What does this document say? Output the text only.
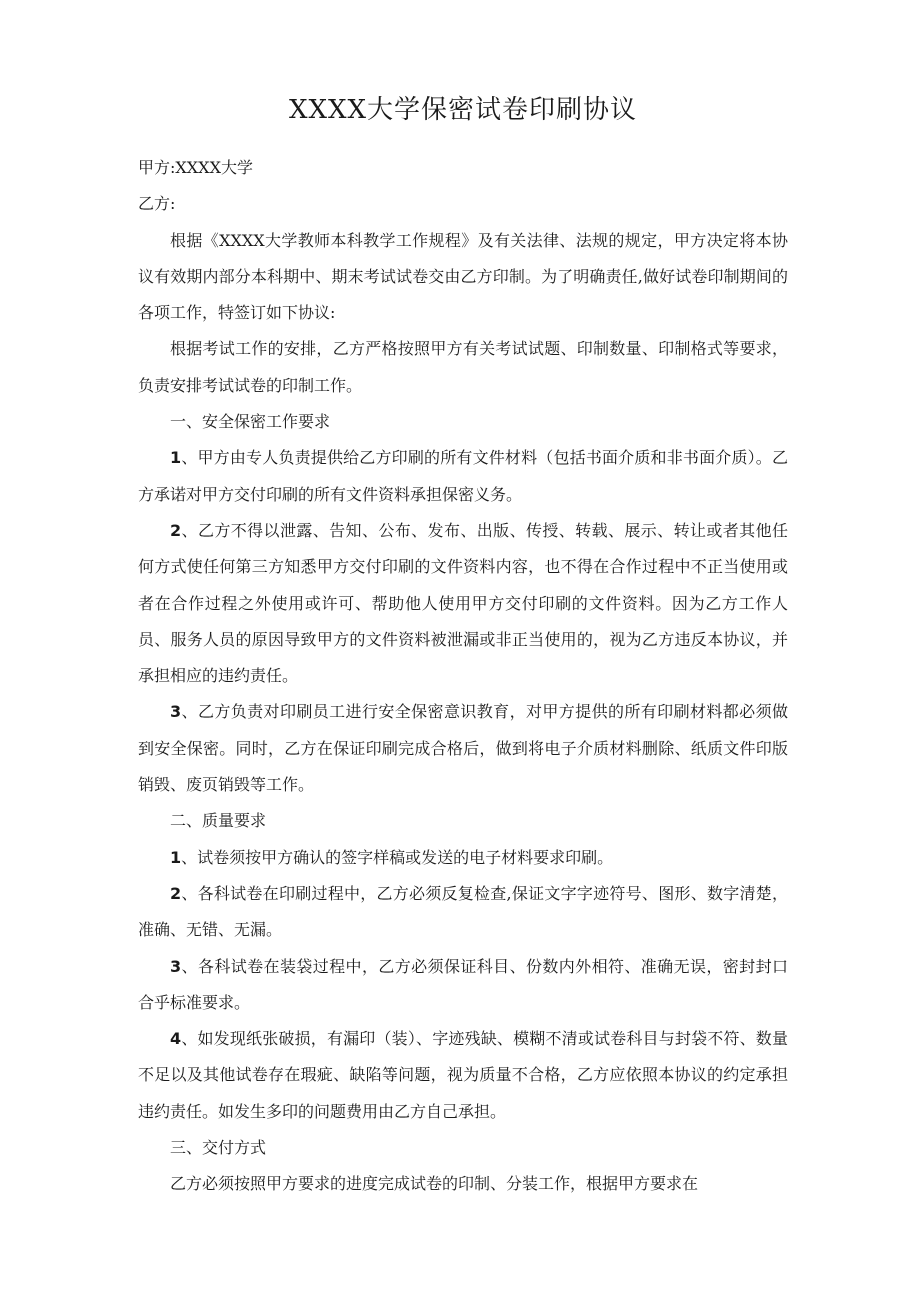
XXXX大学保密试卷印刷协议

甲方:XXXX大学

乙方:

根据《XXXX大学教师本科教学工作规程》及有关法律、法规的规定，甲方决定将本协议有效期内部分本科期中、期末考试试卷交由乙方印制。为了明确责任,做好试卷印制期间的各项工作，特签订如下协议:

根据考试工作的安排，乙方严格按照甲方有关考试试题、印制数量、印制格式等要求，负责安排考试试卷的印制工作。

一、安全保密工作要求

1、甲方由专人负责提供给乙方印刷的所有文件材料（包括书面介质和非书面介质）。乙方承诺对甲方交付印刷的所有文件资料承担保密义务。

2、乙方不得以泄露、告知、公布、发布、出版、传授、转载、展示、转让或者其他任何方式使任何第三方知悉甲方交付印刷的文件资料内容，也不得在合作过程中不正当使用或者在合作过程之外使用或许可、帮助他人使用甲方交付印刷的文件资料。因为乙方工作人员、服务人员的原因导致甲方的文件资料被泄漏或非正当使用的，视为乙方违反本协议，并承担相应的违约责任。

3、乙方负责对印刷员工进行安全保密意识教育，对甲方提供的所有印刷材料都必须做到安全保密。同时，乙方在保证印刷完成合格后，做到将电子介质材料删除、纸质文件印版销毁、废页销毁等工作。

二、质量要求

1、试卷须按甲方确认的签字样稿或发送的电子材料要求印刷。

2、各科试卷在印刷过程中，乙方必须反复检查,保证文字字迹符号、图形、数字清楚，准确、无错、无漏。

3、各科试卷在装袋过程中，乙方必须保证科目、份数内外相符、准确无误，密封封口合乎标准要求。

4、如发现纸张破损，有漏印（装）、字迹残缺、模糊不清或试卷科目与封袋不符、数量不足以及其他试卷存在瑕疵、缺陷等问题，视为质量不合格，乙方应依照本协议的约定承担违约责任。如发生多印的问题费用由乙方自己承担。

三、交付方式

乙方必须按照甲方要求的进度完成试卷的印制、分装工作，根据甲方要求在
